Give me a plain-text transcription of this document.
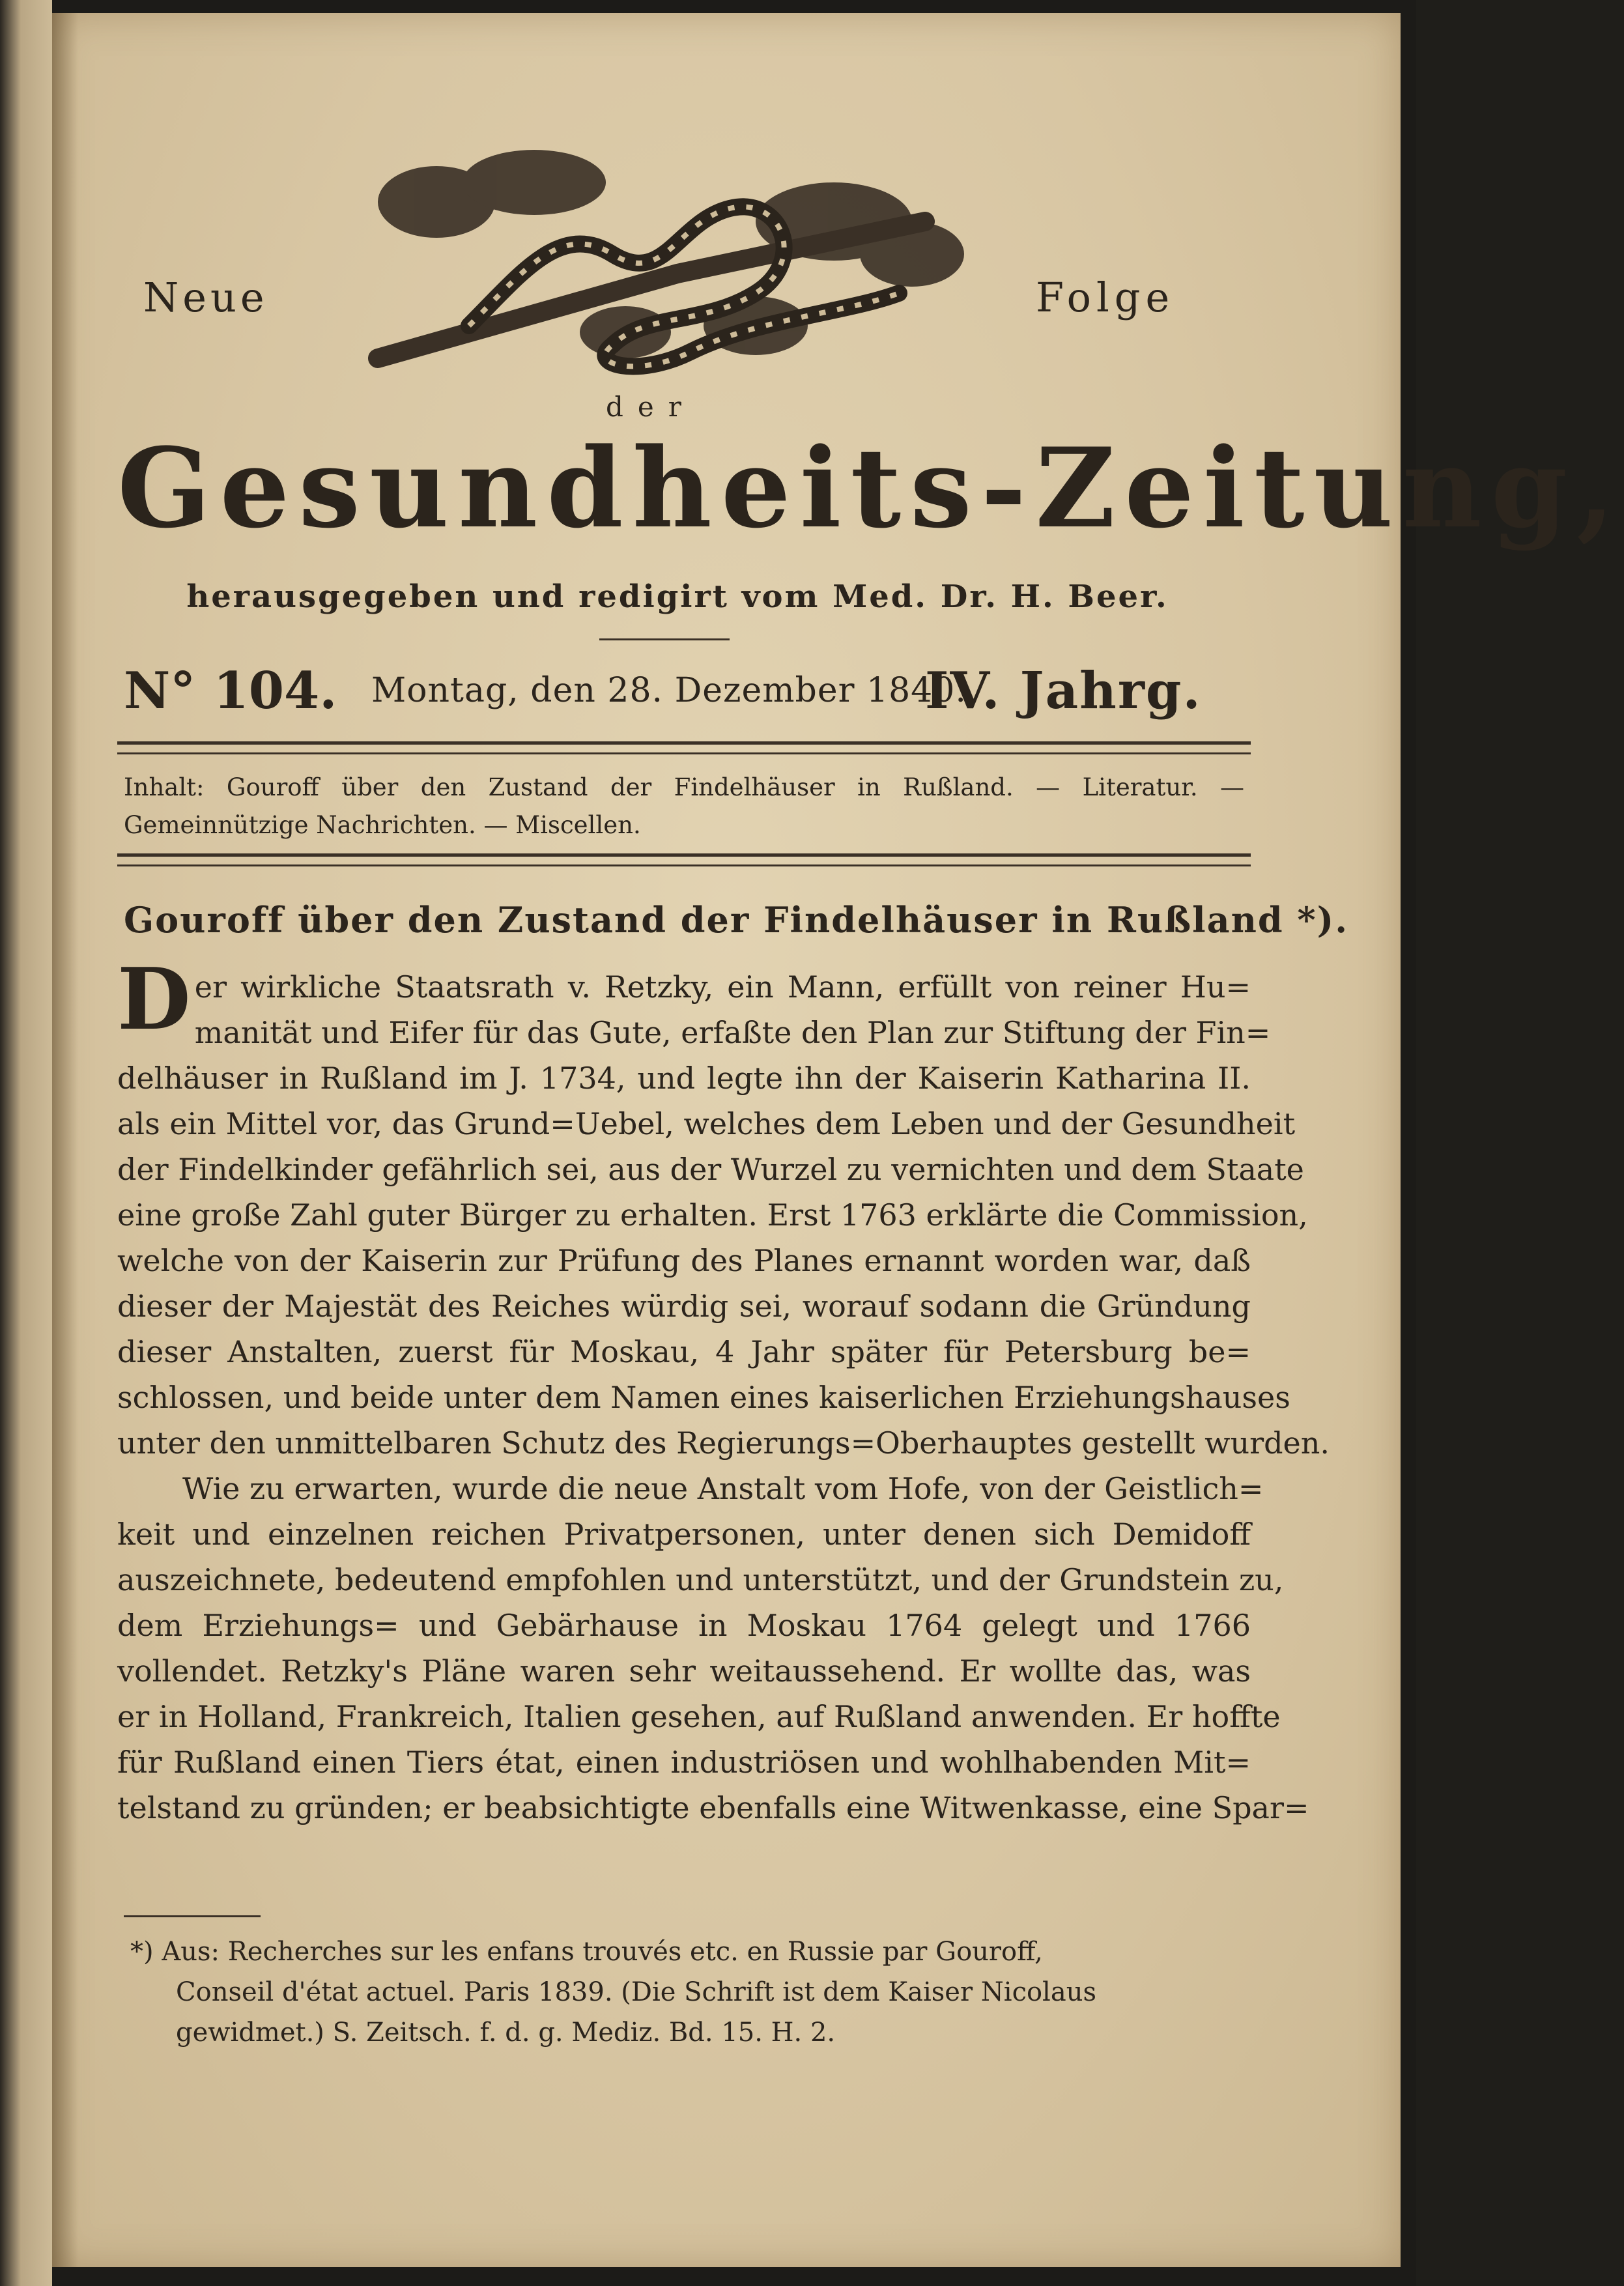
Neue	Folge
der
Gesundheits-Zeitung,
herausgegeben und redigirt vom Med. Dr. H. Beer.
N° 104. Montag, den 28. Dezember 1840.
IV. Jahrg.
Inhalt: Gouroff über den Zustand der Findelhäuser in Rußland. — Literatur. — Gemeinnützige Nachrichten. — Miscellen.
Gouroff über den Zustand der Findelhäuser in Rußland *).
D er wirkliche Staatsrath v. Retzky, ein Mann, erfüllt von reiner Hu=
manität und Eifer für das Gute, erfaßte den Plan zur Stiftung der Fin=
delhäuser in Rußland im J. 1734, und legte ihn der Kaiserin Katharina II.
als ein Mittel vor, das Grund=Uebel, welches dem Leben und der Gesundheit
der Findelkinder gefährlich sei, aus der Wurzel zu vernichten und dem Staate
eine große Zahl guter Bürger zu erhalten. Erst 1763 erklärte die Commission,
welche von der Kaiserin zur Prüfung des Planes ernannt worden war, daß
dieser der Majestät des Reiches würdig sei, worauf sodann die Gründung
dieser Anstalten, zuerst für Moskau, 4 Jahr später für Petersburg be=
schlossen, und beide unter dem Namen eines kaiserlichen Erziehungshauses
unter den unmittelbaren Schutz des Regierungs=Oberhauptes gestellt wurden.
Wie zu erwarten, wurde die neue Anstalt vom Hofe, von der Geistlich=
keit und einzelnen reichen Privatpersonen, unter denen sich Demidoff
auszeichnete, bedeutend empfohlen und unterstützt, und der Grundstein zu,
dem Erziehungs= und Gebärhause in Moskau 1764 gelegt und 1766
vollendet. Retzky's Pläne waren sehr weitaussehend. Er wollte das, was
er in Holland, Frankreich, Italien gesehen, auf Rußland anwenden. Er hoffte
für Rußland einen Tiers état, einen industriösen und wohlhabenden Mit=
telstand zu gründen; er beabsichtigte ebenfalls eine Witwenkasse, eine Spar=
*) Aus: Recherches sur les enfans trouvés etc. en Russie par Gouroff,
Conseil d'état actuel. Paris 1839. (Die Schrift ist dem Kaiser Nicolaus
gewidmet.) S. Zeitsch. f. d. g. Mediz. Bd. 15. H. 2.
